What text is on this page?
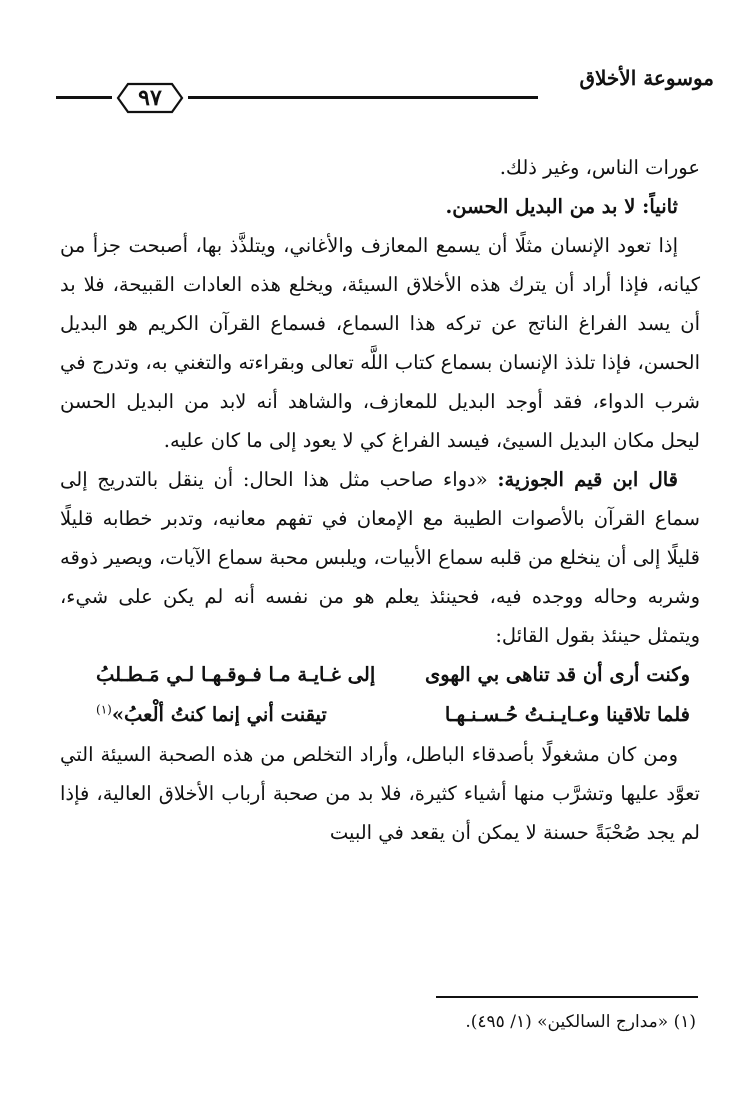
موسوعة الأخلاق
٩٧

عورات الناس، وغير ذلك.

ثانياً: لا بد من البديل الحسن.

إذا تعود الإنسان مثلًا أن يسمع المعازف والأغاني، ويتلذَّذ بها، أصبحت جزأ من كيانه، فإذا أراد أن يترك هذه الأخلاق السيئة، ويخلع هذه العادات القبيحة، فلا بد أن يسد الفراغ الناتج عن تركه هذا السماع، فسماع القرآن الكريم هو البديل الحسن، فإذا تلذذ الإنسان بسماع كتاب اللَّه تعالى وبقراءته والتغني به، وتدرج في شرب الدواء، فقد أوجد البديل للمعازف، والشاهد أنه لابد من البديل الحسن ليحل مكان البديل السيئ، فيسد الفراغ كي لا يعود إلى ما كان عليه.

قال ابن قيم الجوزية: «دواء صاحب مثل هذا الحال: أن ينقل بالتدريج إلى سماع القرآن بالأصوات الطيبة مع الإمعان في تفهم معانيه، وتدبر خطابه قليلًا قليلًا إلى أن ينخلع من قلبه سماع الأبيات، ويلبس محبة سماع الآيات، ويصير ذوقه وشربه وحاله ووجده فيه، فحينئذ يعلم هو من نفسه أنه لم يكن على شيء، ويتمثل حينئذ بقول القائل:

وكنت أرى أن قد تناهى بي الهوى
إلى غـايـة مـا فـوقـهـا لـي مَـطـلبُ
فلما تلاقينا وعـايـنـتُ حُـسـنـهـا
تيقنت أني إنما كنتُ ألْعبُ»$^{(١)}$

ومن كان مشغولًا بأصدقاء الباطل، وأراد التخلص من هذه الصحبة السيئة التي تعوَّد عليها وتشرَّب منها أشياء كثيرة، فلا بد من صحبة أرباب الأخلاق العالية، فإذا لم يجد صُحْبَةً حسنة لا يمكن أن يقعد في البيت

(١) «مدارج السالكين» (١/ ٤٩٥).
